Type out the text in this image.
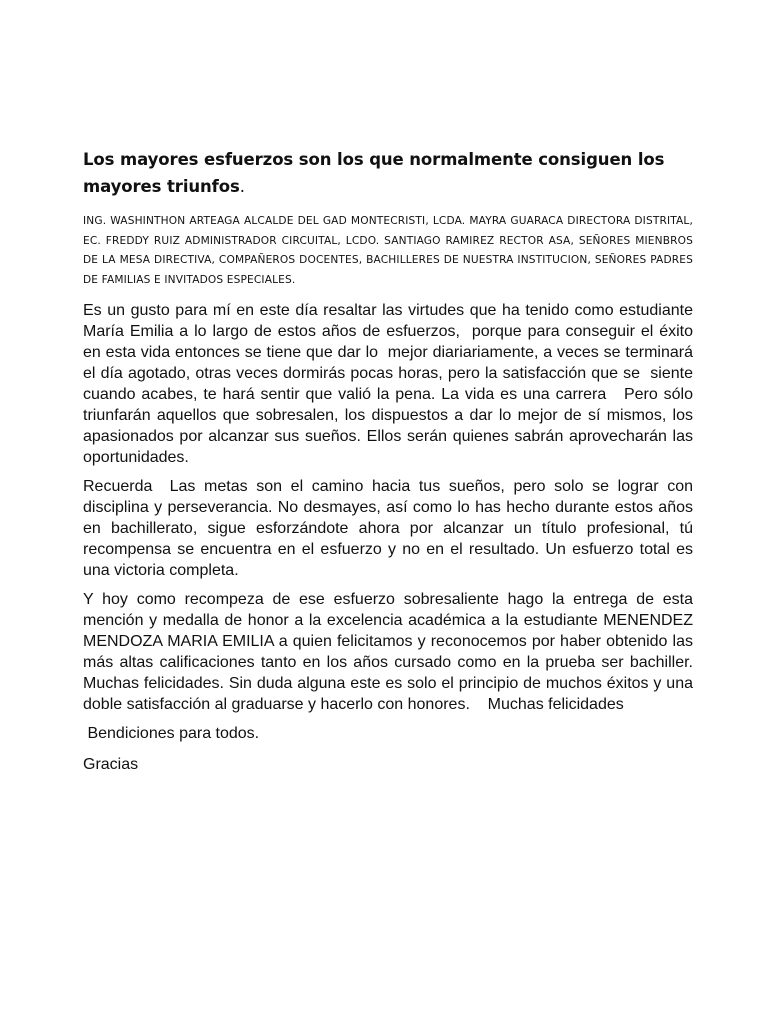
Los mayores esfuerzos son los que normalmente consiguen los mayores triunfos.

ING. WASHINTHON ARTEAGA ALCALDE DEL GAD MONTECRISTI, LCDA. MAYRA GUARACA DIRECTORA DISTRITAL, EC. FREDDY RUIZ ADMINISTRADOR CIRCUITAL, LCDO. SANTIAGO RAMIREZ RECTOR ASA, SEÑORES MIENBROS DE LA MESA DIRECTIVA, COMPAÑEROS DOCENTES, BACHILLERES DE NUESTRA INSTITUCION, SEÑORES PADRES DE FAMILIAS E INVITADOS ESPECIALES.

Es un gusto para mí en este día resaltar las virtudes que ha tenido como estudiante  María Emilia a lo largo de estos años de esfuerzos,  porque para conseguir el éxito en esta vida entonces se tiene que dar lo  mejor diariariamente, a veces se terminará el día agotado, otras veces dormirás pocas horas, pero la satisfacción que se  siente cuando acabes, te hará sentir que valió la pena. La vida es una carrera   Pero sólo triunfarán aquellos que sobresalen, los dispuestos a dar lo mejor de sí mismos, los apasionados por alcanzar sus sueños. Ellos serán quienes sabrán aprovecharán las oportunidades.

Recuerda  Las metas son el camino hacia tus sueños, pero solo se lograr con disciplina y perseverancia. No desmayes, así como lo has hecho durante estos años en bachillerato, sigue esforzándote ahora por alcanzar un título profesional, tú recompensa se encuentra en el esfuerzo y no en el resultado. Un esfuerzo total es una victoria completa.

Y hoy como recompeza de ese esfuerzo sobresaliente hago la entrega de esta mención y medalla de honor a la excelencia académica a la estudiante MENENDEZ MENDOZA MARIA EMILIA a quien felicitamos y reconocemos por haber obtenido las más altas calificaciones tanto en los años cursado como en la prueba ser bachiller. Muchas felicidades. Sin duda alguna este es solo el principio de muchos éxitos y una doble satisfacción al graduarse y hacerlo con honores.    Muchas felicidades

Bendiciones para todos.

Gracias
